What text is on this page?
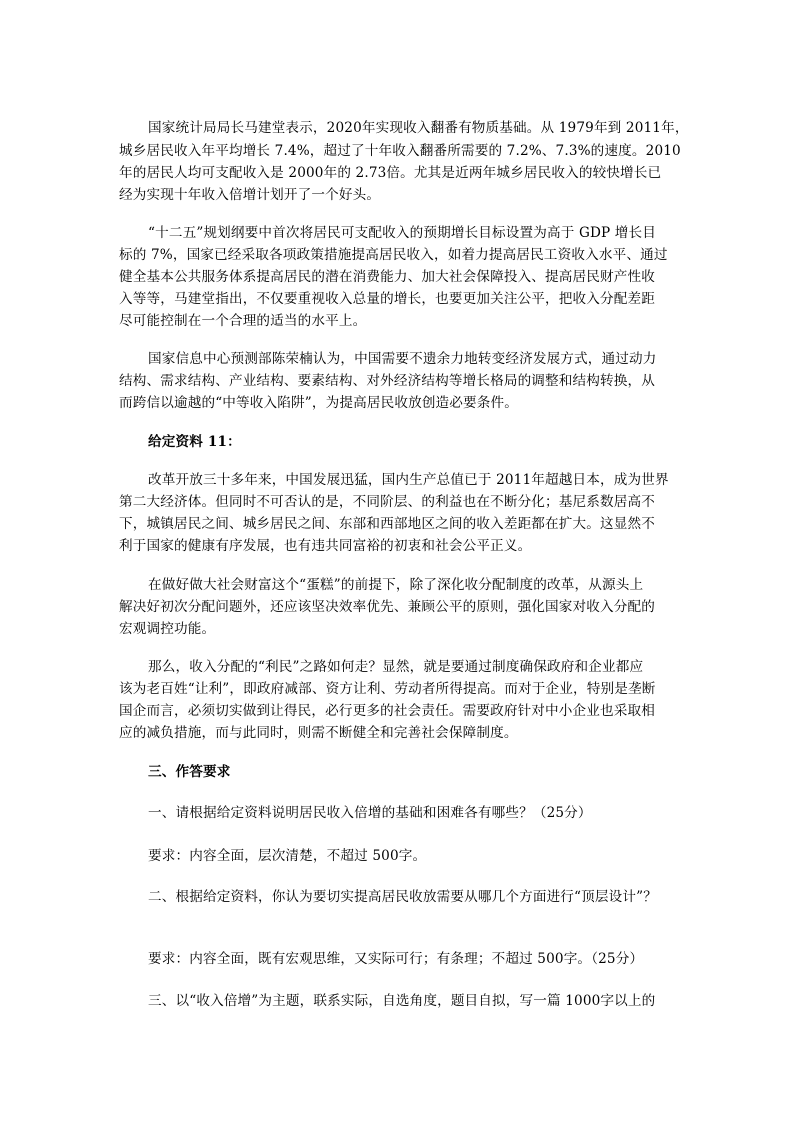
国家统计局局长马建堂表示，2020年实现收入翻番有物质基础。从 1979年到 2011年，
城乡居民收入年平均增长 7.4%，超过了十年收入翻番所需要的 7.2%、7.3%的速度。2010
年的居民人均可支配收入是 2000年的 2.73倍。尤其是近两年城乡居民收入的较快增长已
经为实现十年收入倍增计划开了一个好头。
“十二五”规划纲要中首次将居民可支配收入的预期增长目标设置为高于 GDP 增长目
标的 7%，国家已经采取各项政策措施提高居民收入，如着力提高居民工资收入水平、通过
健全基本公共服务体系提高居民的潜在消费能力、加大社会保障投入、提高居民财产性收
入等等，马建堂指出，不仅要重视收入总量的增长，也要更加关注公平，把收入分配差距
尽可能控制在一个合理的适当的水平上。
国家信息中心预测部陈荣楠认为，中国需要不遗余力地转变经济发展方式，通过动力
结构、需求结构、产业结构、要素结构、对外经济结构等增长格局的调整和结构转换，从
而跨信以逾越的“中等收入陷阱”，为提高居民收放创造必要条件。
给定资料 11：
改革开放三十多年来，中国发展迅猛，国内生产总值已于 2011年超越日本，成为世界
第二大经济体。但同时不可否认的是，不同阶层、的利益也在不断分化；基尼系数居高不
下，城镇居民之间、城乡居民之间、东部和西部地区之间的收入差距都在扩大。这显然不
利于国家的健康有序发展，也有违共同富裕的初衷和社会公平正义。
在做好做大社会财富这个“蛋糕”的前提下，除了深化收分配制度的改革，从源头上
解决好初次分配问题外，还应该坚决效率优先、兼顾公平的原则，强化国家对收入分配的
宏观调控功能。
那么，收入分配的“利民”之路如何走？显然，就是要通过制度确保政府和企业都应
该为老百姓“让利”，即政府减部、资方让利、劳动者所得提高。而对于企业，特别是垄断
国企而言，必须切实做到让得民，必行更多的社会责任。需要政府针对中小企业也采取相
应的减负措施，而与此同时，则需不断健全和完善社会保障制度。
三、作答要求
一、请根据给定资料说明居民收入倍增的基础和困难各有哪些？（25分）
要求：内容全面，层次清楚，不超过 500字。
二、根据给定资料，你认为要切实提高居民收放需要从哪几个方面进行“顶层设计”？
要求：内容全面，既有宏观思维，又实际可行；有条理；不超过 500字。（25分）
三、以“收入倍增”为主题，联系实际，自选角度，题目自拟，写一篇 1000字以上的
